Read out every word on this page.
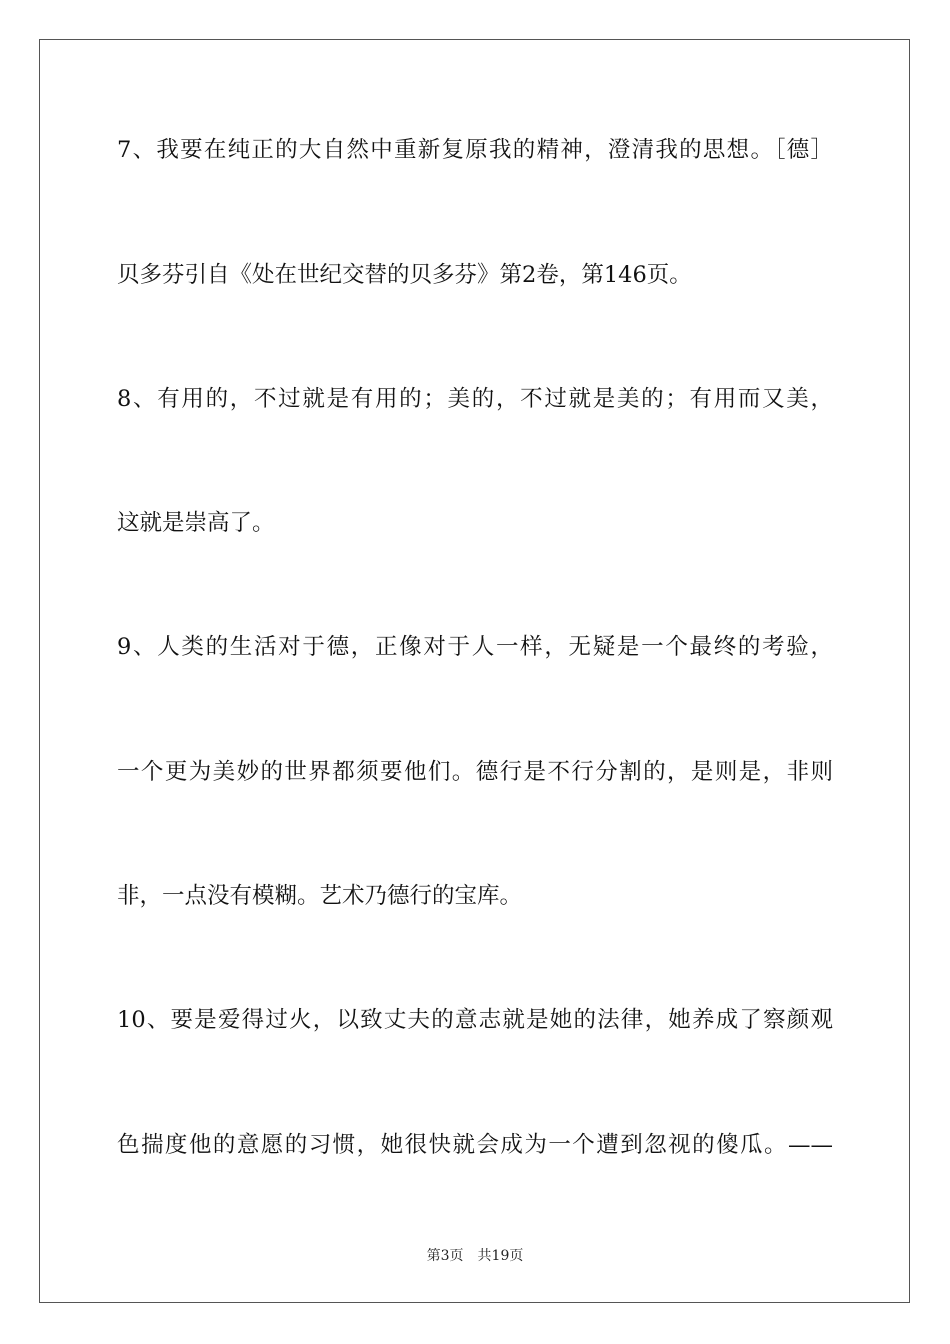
7、我要在纯正的大自然中重新复原我的精神，澄清我的思想。［德］
贝多芬引自《处在世纪交替的贝多芬》第2卷，第146页。
8、有用的，不过就是有用的；美的，不过就是美的；有用而又美，
这就是崇高了。
9、人类的生活对于德，正像对于人一样，无疑是一个最终的考验，
一个更为美妙的世界都须要他们。德行是不行分割的，是则是，非则
非，一点没有模糊。艺术乃德行的宝库。
10、要是爱得过火，以致丈夫的意志就是她的法律，她养成了察颜观
色揣度他的意愿的习惯，她很快就会成为一个遭到忽视的傻瓜。——
第3页 共19页
